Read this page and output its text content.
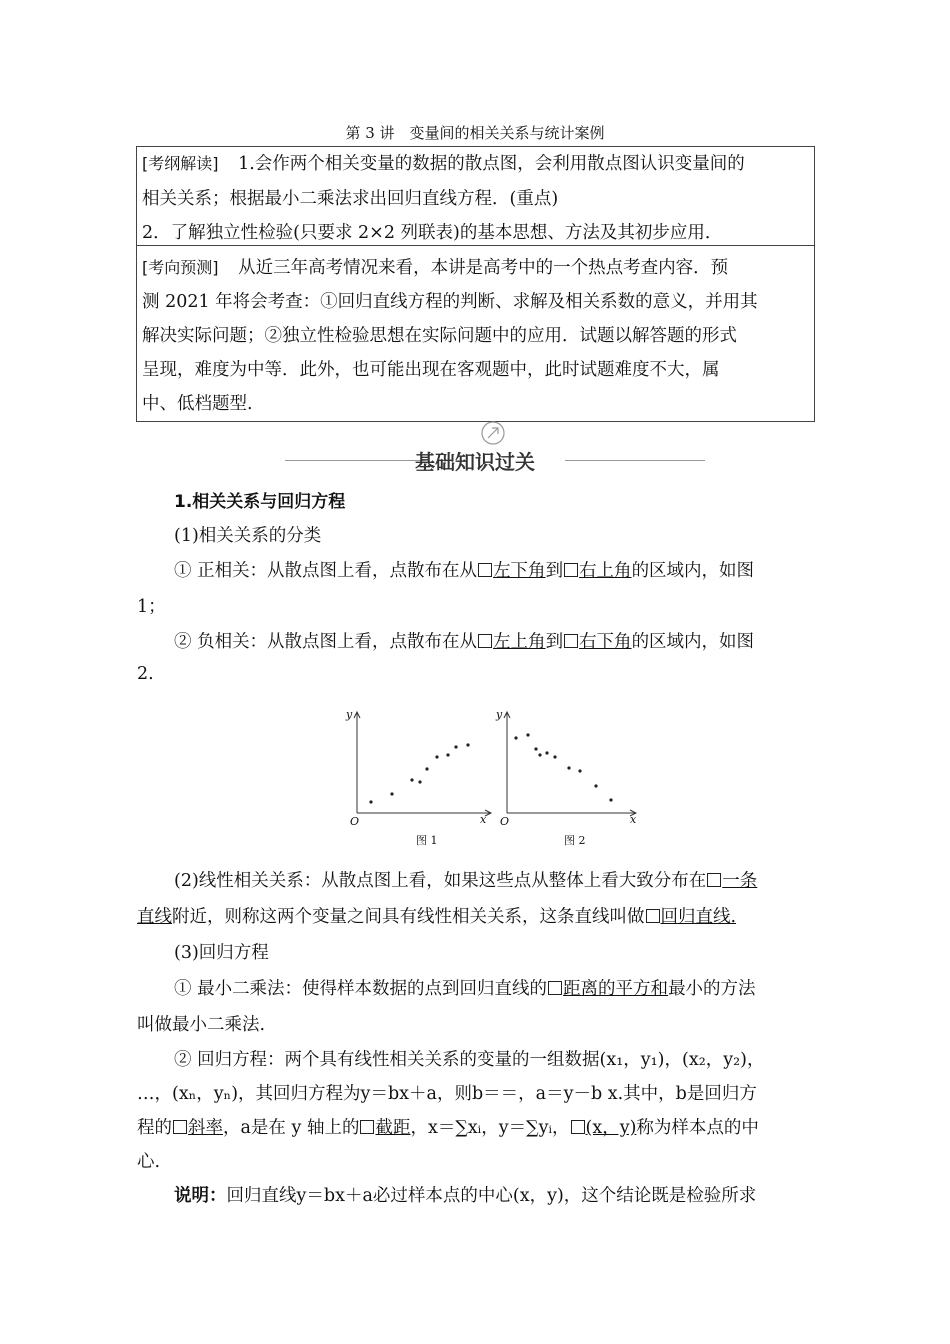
第 3 讲　变量间的相关关系与统计案例
[考纲解读] 1.会作两个相关变量的数据的散点图，会利用散点图认识变量间的
相关关系；根据最小二乘法求出回归直线方程．(重点)
2．了解独立性检验(只要求 2×2 列联表)的基本思想、方法及其初步应用．
[考向预测] 从近三年高考情况来看，本讲是高考中的一个热点考查内容．预
测 2021 年将会考查：①回归直线方程的判断、求解及相关系数的意义，并用其
解决实际问题；②独立性检验思想在实际问题中的应用．试题以解答题的形式
呈现，难度为中等．此外，也可能出现在客观题中，此时试题难度不大，属
中、低档题型.
基础知识过关
1.相关关系与回归方程
(1)相关关系的分类
① 正相关：从散点图上看，点散布在从 左下角到 右上角的区域内，如图
1；
② 负相关：从散点图上看，点散布在从 左上角到 右下角的区域内，如图
2.
y
x
O
图 1
y
x
O
图 2
(2)线性相关关系：从散点图上看，如果这些点从整体上看大致分布在 一条
直线附近，则称这两个变量之间具有线性相关关系，这条直线叫做 回归直线.
(3)回归方程
① 最小二乘法：使得样本数据的点到回归直线的 距离的平方和最小的方法
叫做最小二乘法.
② 回归方程：两个具有线性相关关系的变量的一组数据(x₁，y₁)，(x₂，y₂)，
…，(xₙ，yₙ)，其回归方程为y＝bx＋a，则b＝＝，a＝y－b x.其中，b是回归方
程的 斜率，a是在 y 轴上的 截距，x＝∑xᵢ，y＝∑yᵢ， (x，y)称为样本点的中
心.
说明：回归直线y＝bx＋a必过样本点的中心(x，y)，这个结论既是检验所求
